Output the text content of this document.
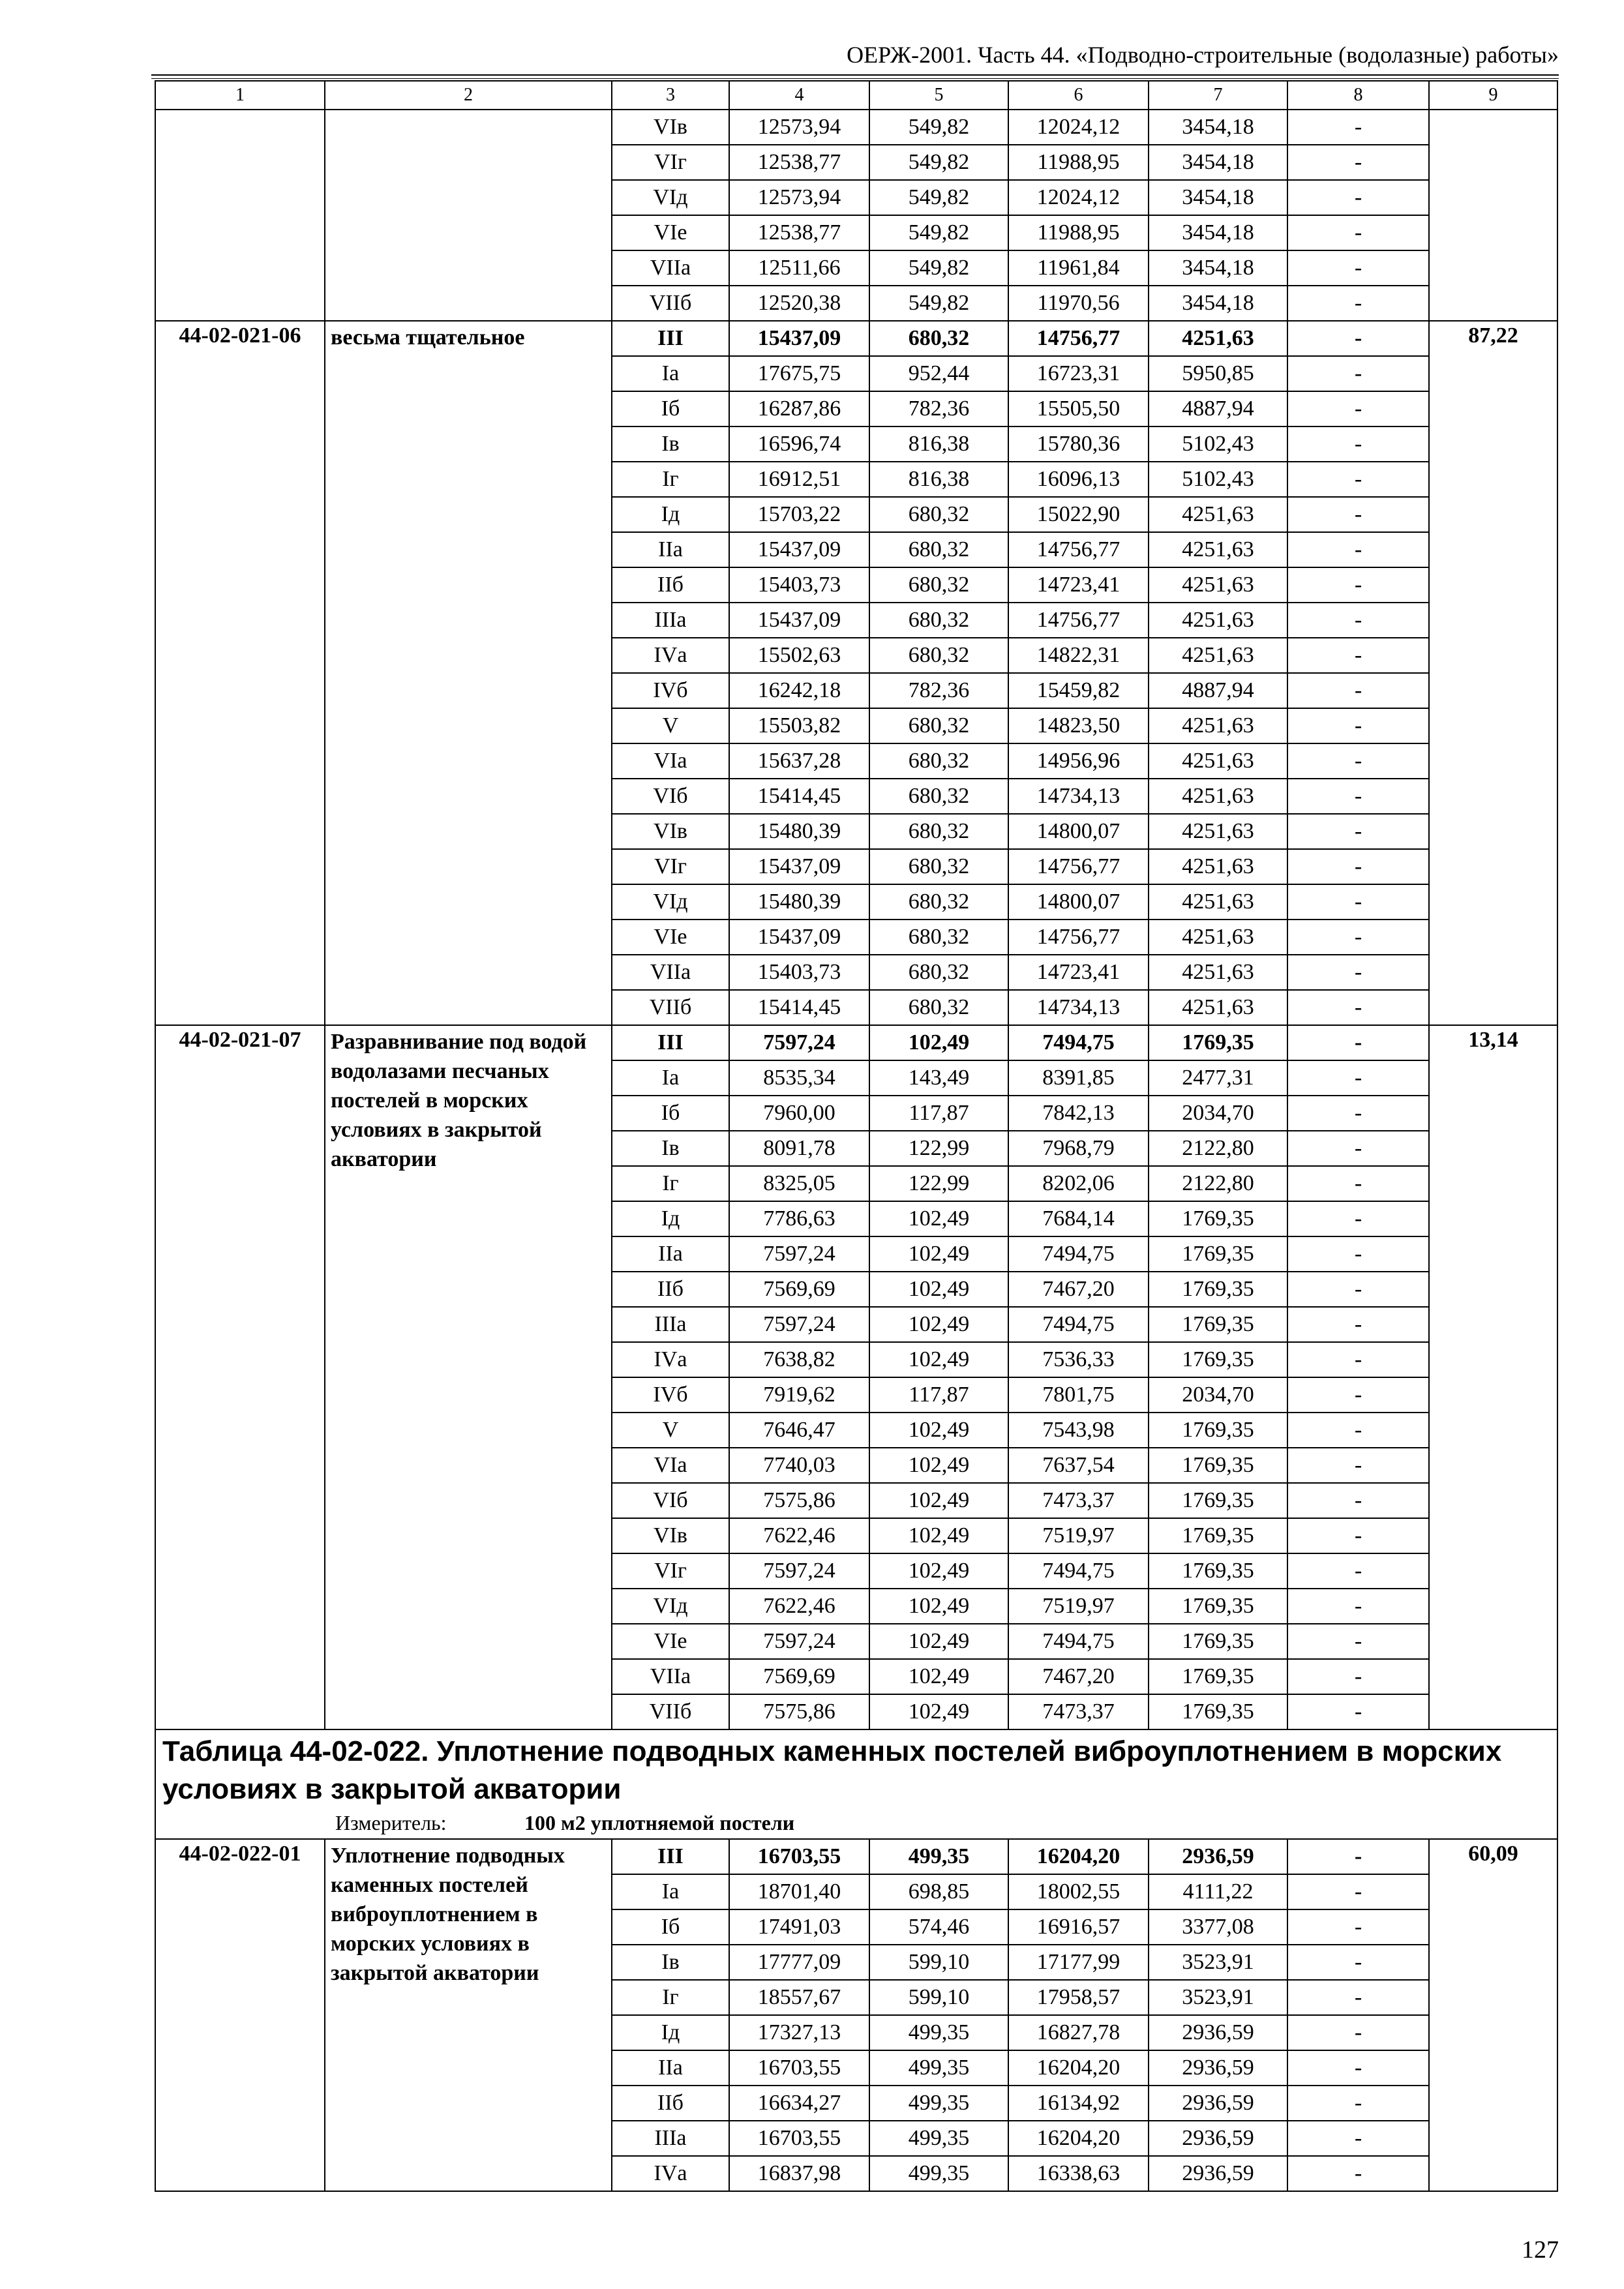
ОЕРЖ-2001. Часть 44. «Подводно-строительные (водолазные) работы»
1	2	3	4	5	6	7	8	9
		VIв	12573,94	549,82	12024,12	3454,18	-	
		VIг	12538,77	549,82	11988,95	3454,18	-	
		VIд	12573,94	549,82	12024,12	3454,18	-	
		VIе	12538,77	549,82	11988,95	3454,18	-	
		VIIа	12511,66	549,82	11961,84	3454,18	-	
		VIIб	12520,38	549,82	11970,56	3454,18	-	
44-02-021-06	весьма тщательное	III	15437,09	680,32	14756,77	4251,63	-	87,22
		Iа	17675,75	952,44	16723,31	5950,85	-	
		Iб	16287,86	782,36	15505,50	4887,94	-	
		Iв	16596,74	816,38	15780,36	5102,43	-	
		Iг	16912,51	816,38	16096,13	5102,43	-	
		Iд	15703,22	680,32	15022,90	4251,63	-	
		IIа	15437,09	680,32	14756,77	4251,63	-	
		IIб	15403,73	680,32	14723,41	4251,63	-	
		IIIа	15437,09	680,32	14756,77	4251,63	-	
		IVа	15502,63	680,32	14822,31	4251,63	-	
		IVб	16242,18	782,36	15459,82	4887,94	-	
		V	15503,82	680,32	14823,50	4251,63	-	
		VIа	15637,28	680,32	14956,96	4251,63	-	
		VIб	15414,45	680,32	14734,13	4251,63	-	
		VIв	15480,39	680,32	14800,07	4251,63	-	
		VIг	15437,09	680,32	14756,77	4251,63	-	
		VIд	15480,39	680,32	14800,07	4251,63	-	
		VIе	15437,09	680,32	14756,77	4251,63	-	
		VIIа	15403,73	680,32	14723,41	4251,63	-	
		VIIб	15414,45	680,32	14734,13	4251,63	-	
44-02-021-07	Разравнивание под водой водолазами песчаных постелей в морских условиях в закрытой акватории	III	7597,24	102,49	7494,75	1769,35	-	13,14
		Iа	8535,34	143,49	8391,85	2477,31	-	
		Iб	7960,00	117,87	7842,13	2034,70	-	
		Iв	8091,78	122,99	7968,79	2122,80	-	
		Iг	8325,05	122,99	8202,06	2122,80	-	
		Iд	7786,63	102,49	7684,14	1769,35	-	
		IIа	7597,24	102,49	7494,75	1769,35	-	
		IIб	7569,69	102,49	7467,20	1769,35	-	
		IIIа	7597,24	102,49	7494,75	1769,35	-	
		IVа	7638,82	102,49	7536,33	1769,35	-	
		IVб	7919,62	117,87	7801,75	2034,70	-	
		V	7646,47	102,49	7543,98	1769,35	-	
		VIа	7740,03	102,49	7637,54	1769,35	-	
		VIб	7575,86	102,49	7473,37	1769,35	-	
		VIв	7622,46	102,49	7519,97	1769,35	-	
		VIг	7597,24	102,49	7494,75	1769,35	-	
		VIд	7622,46	102,49	7519,97	1769,35	-	
		VIе	7597,24	102,49	7494,75	1769,35	-	
		VIIа	7569,69	102,49	7467,20	1769,35	-	
		VIIб	7575,86	102,49	7473,37	1769,35	-	

Таблица 44-02-022. Уплотнение подводных каменных постелей виброуплотнением в морских условиях в закрытой акватории
Измеритель: 100 м2 уплотняемой постели								

44-02-022-01	Уплотнение подводных каменных постелей виброуплотнением в морских условиях в закрытой акватории	III	16703,55	499,35	16204,20	2936,59	-	60,09
		Iа	18701,40	698,85	18002,55	4111,22	-	
		Iб	17491,03	574,46	16916,57	3377,08	-	
		Iв	17777,09	599,10	17177,99	3523,91	-	
		Iг	18557,67	599,10	17958,57	3523,91	-	
		Iд	17327,13	499,35	16827,78	2936,59	-	
		IIа	16703,55	499,35	16204,20	2936,59	-	
		IIб	16634,27	499,35	16134,92	2936,59	-	
		IIIа	16703,55	499,35	16204,20	2936,59	-	
		IVа	16837,98	499,35	16338,63	2936,59	-	
127
